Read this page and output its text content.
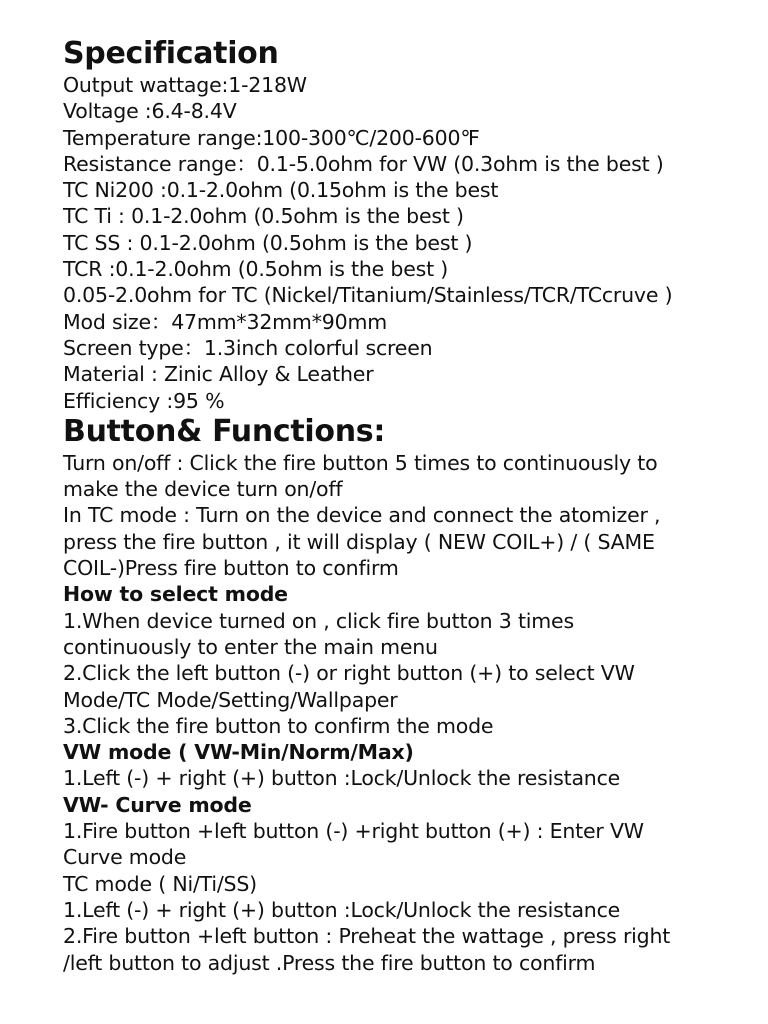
Specification

Output wattage:1-218W

Voltage :6.4-8.4V

Temperature range:100-300℃/200-600℉

Resistance range：0.1-5.0ohm for VW (0.3ohm is the best )

TC Ni200 :0.1-2.0ohm (0.15ohm is the best

TC Ti : 0.1-2.0ohm (0.5ohm is the best )

TC SS : 0.1-2.0ohm (0.5ohm is the best )

TCR :0.1-2.0ohm (0.5ohm is the best )

0.05-2.0ohm for TC (Nickel/Titanium/Stainless/TCR/TCcruve )

Mod size：47mm*32mm*90mm

Screen type：1.3inch colorful screen

Material : Zinic Alloy & Leather

Efficiency :95 %

Button& Functions:

Turn on/off : Click the fire button 5 times to continuously to

make the device turn on/off

In TC mode : Turn on the device and connect the atomizer ,

press the fire button , it will display ( NEW COIL+) / ( SAME

COIL-)Press fire button to confirm

How to select mode

1.When device turned on , click fire button 3 times

continuously to enter the main menu

2.Click the left button (-) or right button (+) to select VW

Mode/TC Mode/Setting/Wallpaper

3.Click the fire button to confirm the mode

VW mode ( VW-Min/Norm/Max)

1.Left (-) + right (+) button :Lock/Unlock the resistance

VW- Curve mode

1.Fire button +left button (-) +right button (+) : Enter VW

Curve mode

TC mode ( Ni/Ti/SS)

1.Left (-) + right (+) button :Lock/Unlock the resistance

2.Fire button +left button : Preheat the wattage , press right

/left button to adjust .Press the fire button to confirm
